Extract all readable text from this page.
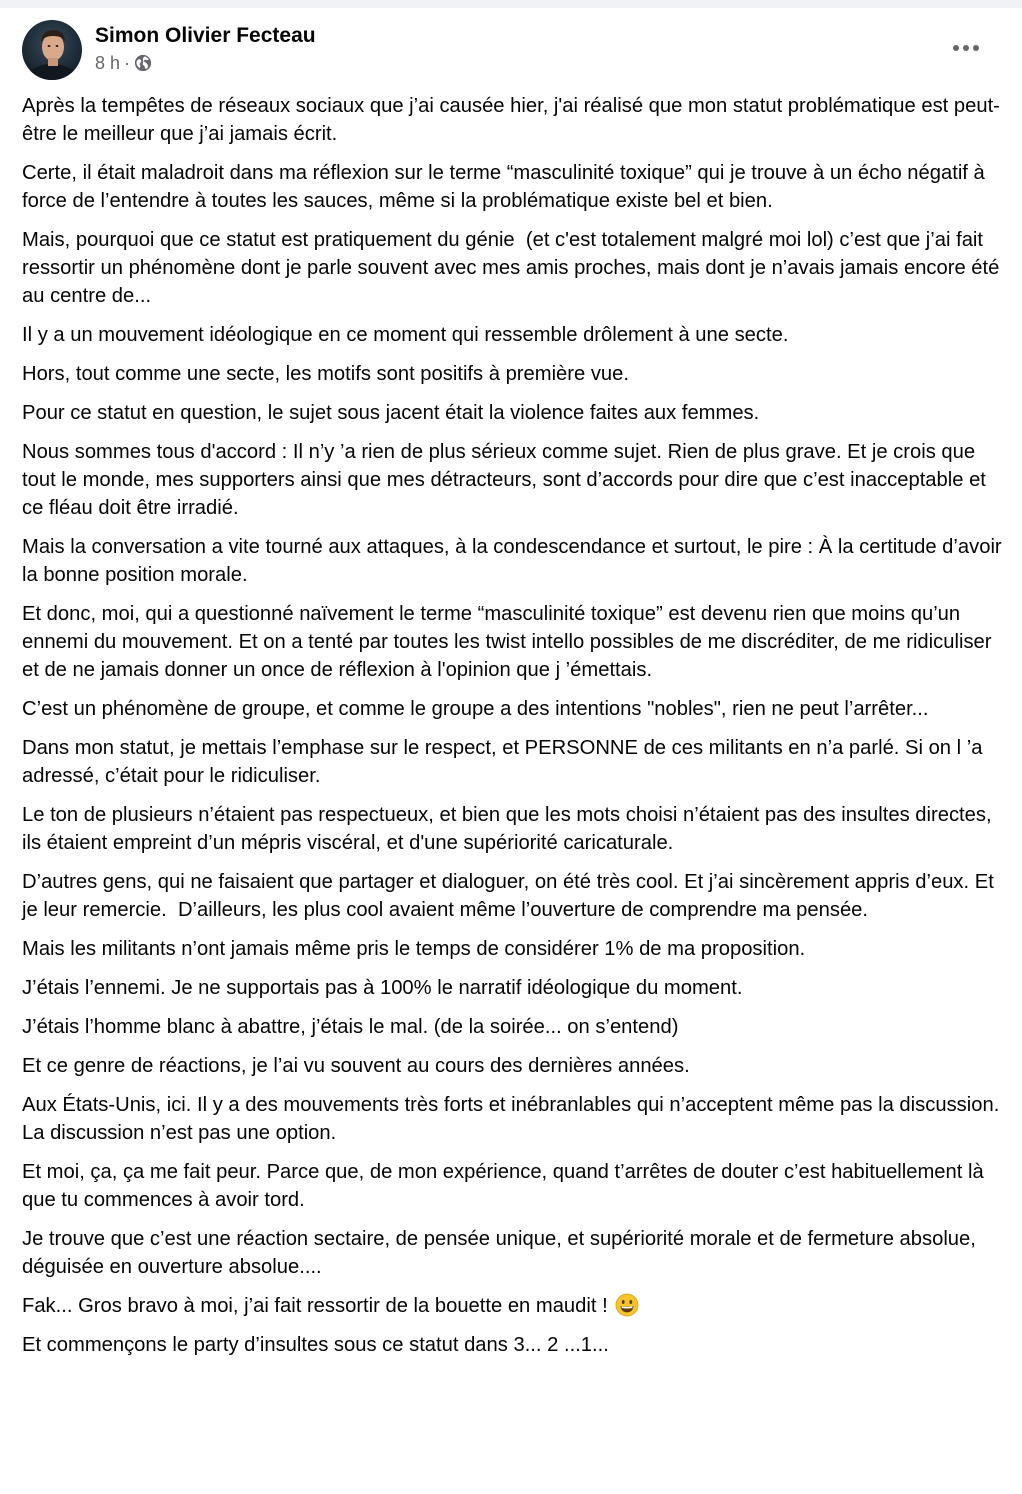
Simon Olivier Fecteau
8 h ·

Après la tempêtes de réseaux sociaux que j’ai causée hier, j'ai réalisé que mon statut problématique est peut-être le meilleur que j’ai jamais écrit.

Certe, il était maladroit dans ma réflexion sur le terme “masculinité toxique” qui je trouve à un écho négatif à force de l’entendre à toutes les sauces, même si la problématique existe bel et bien.

Mais, pourquoi que ce statut est pratiquement du génie  (et c'est totalement malgré moi lol) c’est que j’ai fait ressortir un phénomène dont je parle souvent avec mes amis proches, mais dont je n’avais jamais encore été au centre de...

Il y a un mouvement idéologique en ce moment qui ressemble drôlement à une secte.

Hors, tout comme une secte, les motifs sont positifs à première vue.

Pour ce statut en question, le sujet sous jacent était la violence faites aux femmes.

Nous sommes tous d'accord : Il n’y ’a rien de plus sérieux comme sujet. Rien de plus grave. Et je crois que tout le monde, mes supporters ainsi que mes détracteurs, sont d’accords pour dire que c’est inacceptable et ce fléau doit être irradié.

Mais la conversation a vite tourné aux attaques, à la condescendance et surtout, le pire : À la certitude d’avoir la bonne position morale.

Et donc, moi, qui a questionné naïvement le terme “masculinité toxique” est devenu rien que moins qu’un ennemi du mouvement. Et on a tenté par toutes les twist intello possibles de me discréditer, de me ridiculiser et de ne jamais donner un once de réflexion à l'opinion que j ’émettais.

C’est un phénomène de groupe, et comme le groupe a des intentions "nobles", rien ne peut l’arrêter...

Dans mon statut, je mettais l’emphase sur le respect, et PERSONNE de ces militants en n’a parlé. Si on l ’a adressé, c’était pour le ridiculiser.

Le ton de plusieurs n’étaient pas respectueux, et bien que les mots choisi n’étaient pas des insultes directes, ils étaient empreint d’un mépris viscéral, et d'une supériorité caricaturale.

D’autres gens, qui ne faisaient que partager et dialoguer, on été très cool. Et j’ai sincèrement appris d’eux. Et je leur remercie.  D’ailleurs, les plus cool avaient même l’ouverture de comprendre ma pensée.

Mais les militants n’ont jamais même pris le temps de considérer 1% de ma proposition.

J’étais l’ennemi. Je ne supportais pas à 100% le narratif idéologique du moment.

J’étais l’homme blanc à abattre, j’étais le mal. (de la soirée... on s’entend)

Et ce genre de réactions, je l’ai vu souvent au cours des dernières années.

Aux États-Unis, ici. Il y a des mouvements très forts et inébranlables qui n’acceptent même pas la discussion. La discussion n’est pas une option.

Et moi, ça, ça me fait peur. Parce que, de mon expérience, quand t’arrêtes de douter c’est habituellement là que tu commences à avoir tord.

Je trouve que c’est une réaction sectaire, de pensée unique, et supériorité morale et de fermeture absolue, déguisée en ouverture absolue....

Fak... Gros bravo à moi, j’ai fait ressortir de la bouette en maudit !

Et commençons le party d’insultes sous ce statut dans 3... 2 ...1...
